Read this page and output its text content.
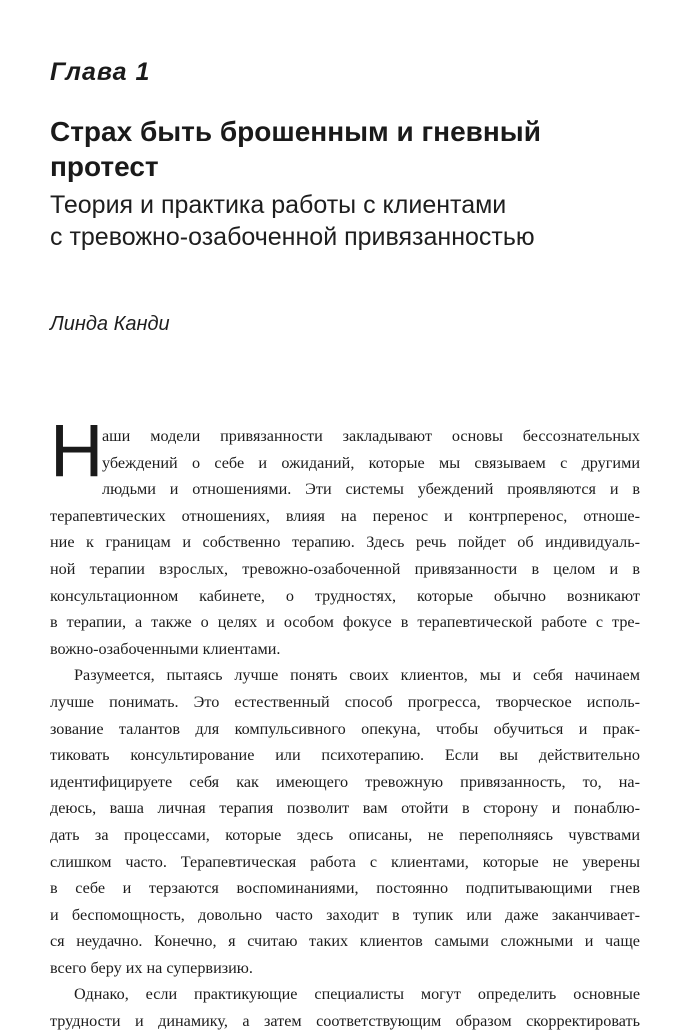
Глава 1
Страх быть брошенным и гневный
протест
Теория и практика работы с клиентами
с тревожно-озабоченной привязанностью
Линда Канди
Н
аши модели привязанности закладывают основы бессознательных
убеждений о себе и ожиданий, которые мы связываем с другими
людьми и отношениями. Эти системы убеждений проявляются и в
терапевтических отношениях, влияя на перенос и контрперенос, отноше-
ние к границам и собственно терапию. Здесь речь пойдет об индивидуаль-
ной терапии взрослых, тревожно-озабоченной привязанности в целом и в
консультационном кабинете, о трудностях, которые обычно возникают
в терапии, а также о целях и особом фокусе в терапевтической работе с тре-
вожно-озабоченными клиентами.
Разумеется, пытаясь лучше понять своих клиентов, мы и себя начинаем
лучше понимать. Это естественный способ прогресса, творческое исполь-
зование талантов для компульсивного опекуна, чтобы обучиться и прак-
тиковать консультирование или психотерапию. Если вы действительно
идентифицируете себя как имеющего тревожную привязанность, то, на-
деюсь, ваша личная терапия позволит вам отойти в сторону и понаблю-
дать за процессами, которые здесь описаны, не переполняясь чувствами
слишком часто. Терапевтическая работа с клиентами, которые не уверены
в себе и терзаются воспоминаниями, постоянно подпитывающими гнев
и беспомощность, довольно часто заходит в тупик или даже заканчивает-
ся неудачно. Конечно, я считаю таких клиентов самыми сложными и чаще
всего беру их на супервизию.
Однако, если практикующие специалисты могут определить основные
трудности и динамику, а затем соответствующим образом скорректировать
